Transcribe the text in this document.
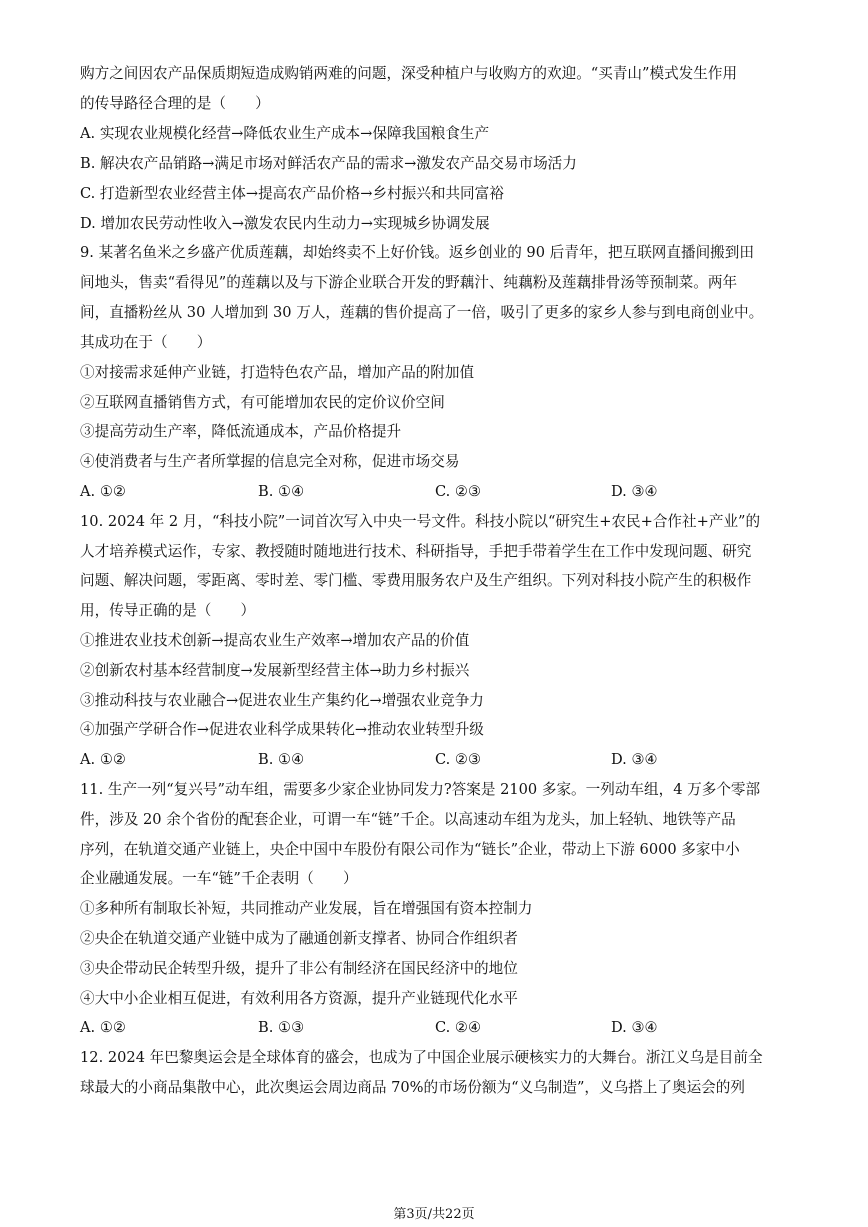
购方之间因农产品保质期短造成购销两难的问题，深受种植户与收购方的欢迎。“买青山”模式发生作用
的传导路径合理的是（　　）
A. 实现农业规模化经营→降低农业生产成本→保障我国粮食生产
B. 解决农产品销路→满足市场对鲜活农产品的需求→激发农产品交易市场活力
C. 打造新型农业经营主体→提高农产品价格→乡村振兴和共同富裕
D. 增加农民劳动性收入→激发农民内生动力→实现城乡协调发展
9. 某著名鱼米之乡盛产优质莲藕，却始终卖不上好价钱。返乡创业的 90 后青年，把互联网直播间搬到田
间地头，售卖“看得见”的莲藕以及与下游企业联合开发的野藕汁、纯藕粉及莲藕排骨汤等预制菜。两年
间，直播粉丝从 30 人增加到 30 万人，莲藕的售价提高了一倍，吸引了更多的家乡人参与到电商创业中。
其成功在于（　　）
①对接需求延伸产业链，打造特色农产品，增加产品的附加值
②互联网直播销售方式，有可能增加农民的定价议价空间
③提高劳动生产率，降低流通成本，产品价格提升
④使消费者与生产者所掌握的信息完全对称，促进市场交易
A. ①②	B. ①④	C. ②③	D. ③④
10. 2024 年 2 月，“科技小院”一词首次写入中央一号文件。科技小院以“研究生+农民+合作社+产业”的
人才培养模式运作，专家、教授随时随地进行技术、科研指导，手把手带着学生在工作中发现问题、研究
问题、解决问题，零距离、零时差、零门槛、零费用服务农户及生产组织。下列对科技小院产生的积极作
用，传导正确的是（　　）
①推进农业技术创新→提高农业生产效率→增加农产品的价值
②创新农村基本经营制度→发展新型经营主体→助力乡村振兴
③推动科技与农业融合→促进农业生产集约化→增强农业竞争力
④加强产学研合作→促进农业科学成果转化→推动农业转型升级
A. ①②	B. ①④	C. ②③	D. ③④
11. 生产一列“复兴号”动车组，需要多少家企业协同发力?答案是 2100 多家。一列动车组，4 万多个零部
件，涉及 20 余个省份的配套企业，可谓一车“链”千企。以高速动车组为龙头，加上轻轨、地铁等产品
序列，在轨道交通产业链上，央企中国中车股份有限公司作为“链长”企业，带动上下游 6000 多家中小
企业融通发展。一车“链”千企表明（　　）
①多种所有制取长补短，共同推动产业发展，旨在增强国有资本控制力
②央企在轨道交通产业链中成为了融通创新支撑者、协同合作组织者
③央企带动民企转型升级，提升了非公有制经济在国民经济中的地位
④大中小企业相互促进，有效利用各方资源，提升产业链现代化水平
A. ①②	B. ①③	C. ②④	D. ③④
12. 2024 年巴黎奥运会是全球体育的盛会，也成为了中国企业展示硬核实力的大舞台。浙江义乌是目前全
球最大的小商品集散中心，此次奥运会周边商品 70%的市场份额为“义乌制造”，义乌搭上了奥运会的列
第3页/共22页
